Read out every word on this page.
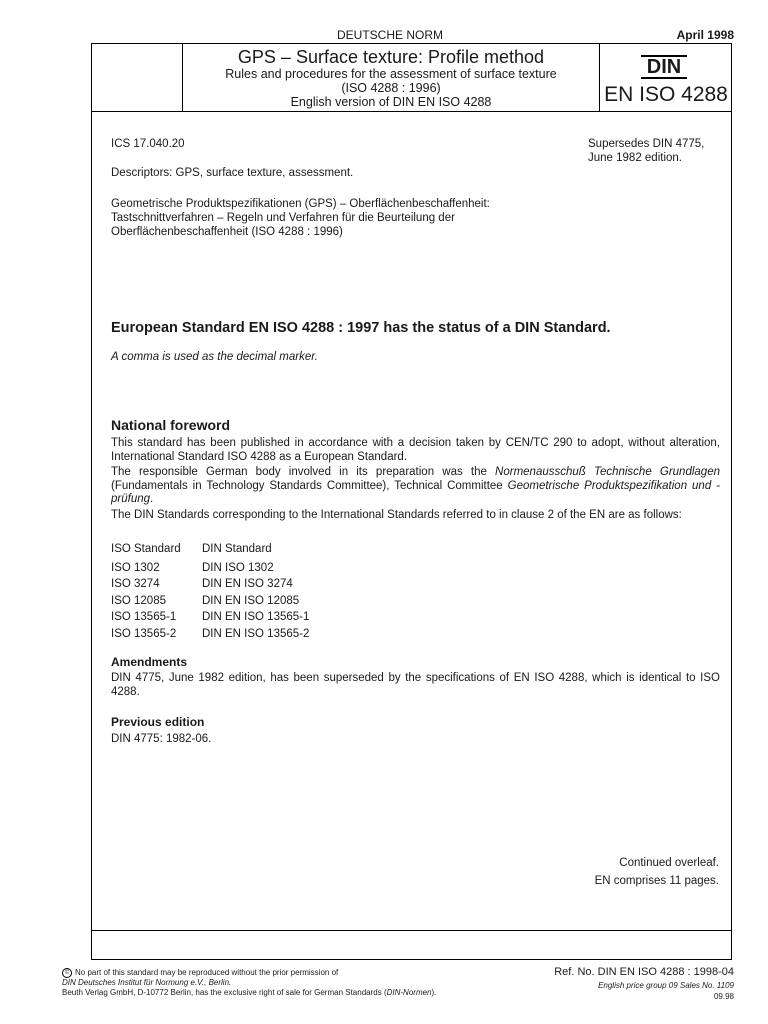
DEUTSCHE NORM	April 1998
GPS – Surface texture: Profile method
Rules and procedures for the assessment of surface texture
(ISO 4288 : 1996)
English version of DIN EN ISO 4288
DIN
EN ISO 4288
ICS 17.040.20	Supersedes DIN 4775, June 1982 edition.
Descriptors: GPS, surface texture, assessment.
Geometrische Produktspezifikationen (GPS) – Oberflächenbeschaffenheit: Tastschnittverfahren – Regeln und Verfahren für die Beurteilung der Oberflächenbeschaffenheit (ISO 4288 : 1996)
European Standard EN ISO 4288 : 1997 has the status of a DIN Standard.
A comma is used as the decimal marker.
National foreword
This standard has been published in accordance with a decision taken by CEN/TC 290 to adopt, without alteration, International Standard ISO 4288 as a European Standard.
The responsible German body involved in its preparation was the Normenausschuß Technische Grundlagen (Fundamentals in Technology Standards Committee), Technical Committee Geometrische Produktspezifikation und -prüfung.
The DIN Standards corresponding to the International Standards referred to in clause 2 of the EN are as follows:
ISO Standard	DIN Standard
ISO 1302	DIN ISO 1302
ISO 3274	DIN EN ISO 3274
ISO 12085	DIN EN ISO 12085
ISO 13565-1	DIN EN ISO 13565-1
ISO 13565-2	DIN EN ISO 13565-2
Amendments
DIN 4775, June 1982 edition, has been superseded by the specifications of EN ISO 4288, which is identical to ISO 4288.
Previous edition
DIN 4775: 1982-06.
Continued overleaf.
EN comprises 11 pages.
© No part of this standard may be reproduced without the prior permission of
DIN Deutsches Institut für Normung e.V., Berlin.
Beuth Verlag GmbH, D-10772 Berlin, has the exclusive right of sale for German Standards (DIN-Normen).
Ref. No. DIN EN ISO 4288 : 1998-04
English price group 09 Sales No. 1109
09.98
